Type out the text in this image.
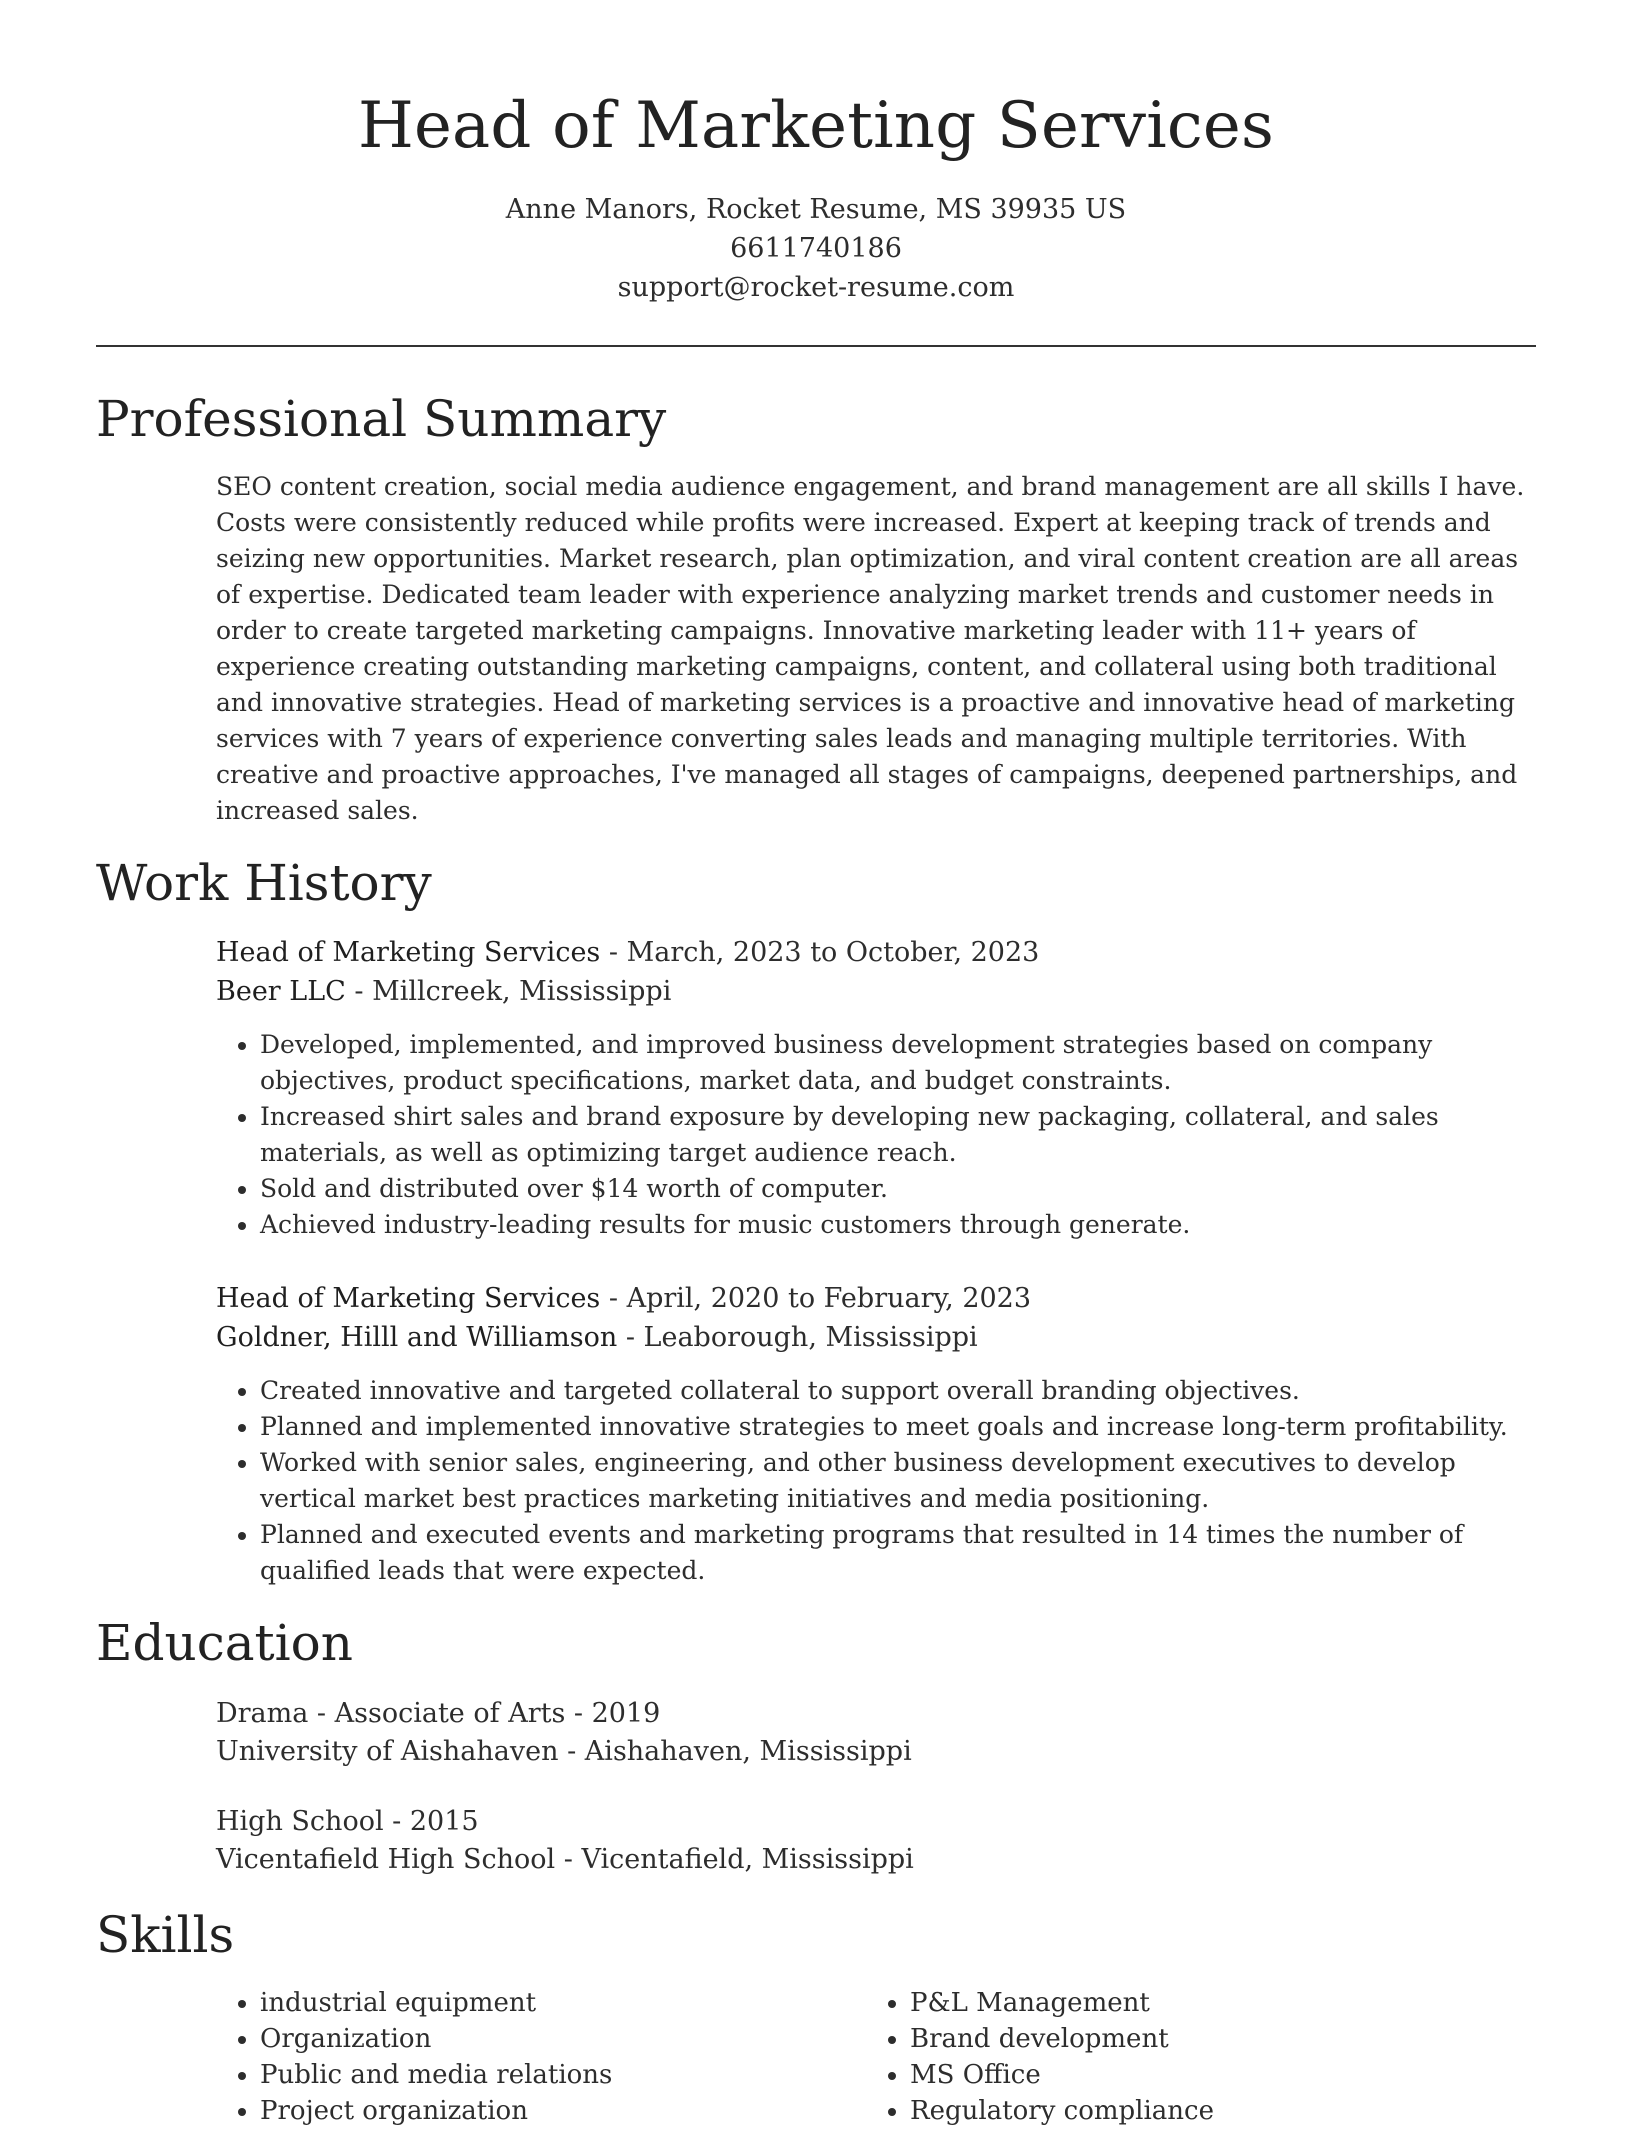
Head of Marketing Services
Anne Manors, Rocket Resume, MS 39935 US
6611740186
support@rocket-resume.com
Professional Summary
SEO content creation, social media audience engagement, and brand management are all skills I have. Costs were consistently reduced while profits were increased. Expert at keeping track of trends and seizing new opportunities. Market research, plan optimization, and viral content creation are all areas of expertise. Dedicated team leader with experience analyzing market trends and customer needs in order to create targeted marketing campaigns. Innovative marketing leader with 11+ years of experience creating outstanding marketing campaigns, content, and collateral using both traditional and innovative strategies. Head of marketing services is a proactive and innovative head of marketing services with 7 years of experience converting sales leads and managing multiple territories. With creative and proactive approaches, I've managed all stages of campaigns, deepened partnerships, and increased sales.
Work History
Head of Marketing Services - March, 2023 to October, 2023
Beer LLC - Millcreek, Mississippi
• Developed, implemented, and improved business development strategies based on company objectives, product specifications, market data, and budget constraints.
• Increased shirt sales and brand exposure by developing new packaging, collateral, and sales materials, as well as optimizing target audience reach.
• Sold and distributed over $14 worth of computer.
• Achieved industry-leading results for music customers through generate.
Head of Marketing Services - April, 2020 to February, 2023
Goldner, Hilll and Williamson - Leaborough, Mississippi
• Created innovative and targeted collateral to support overall branding objectives.
• Planned and implemented innovative strategies to meet goals and increase long-term profitability.
• Worked with senior sales, engineering, and other business development executives to develop vertical market best practices marketing initiatives and media positioning.
• Planned and executed events and marketing programs that resulted in 14 times the number of qualified leads that were expected.
Education
Drama - Associate of Arts - 2019
University of Aishahaven - Aishahaven, Mississippi
High School - 2015
Vicentafield High School - Vicentafield, Mississippi
Skills
• industrial equipment
• Organization
• Public and media relations
• Project organization
• P&L Management
• Brand development
• MS Office
• Regulatory compliance
